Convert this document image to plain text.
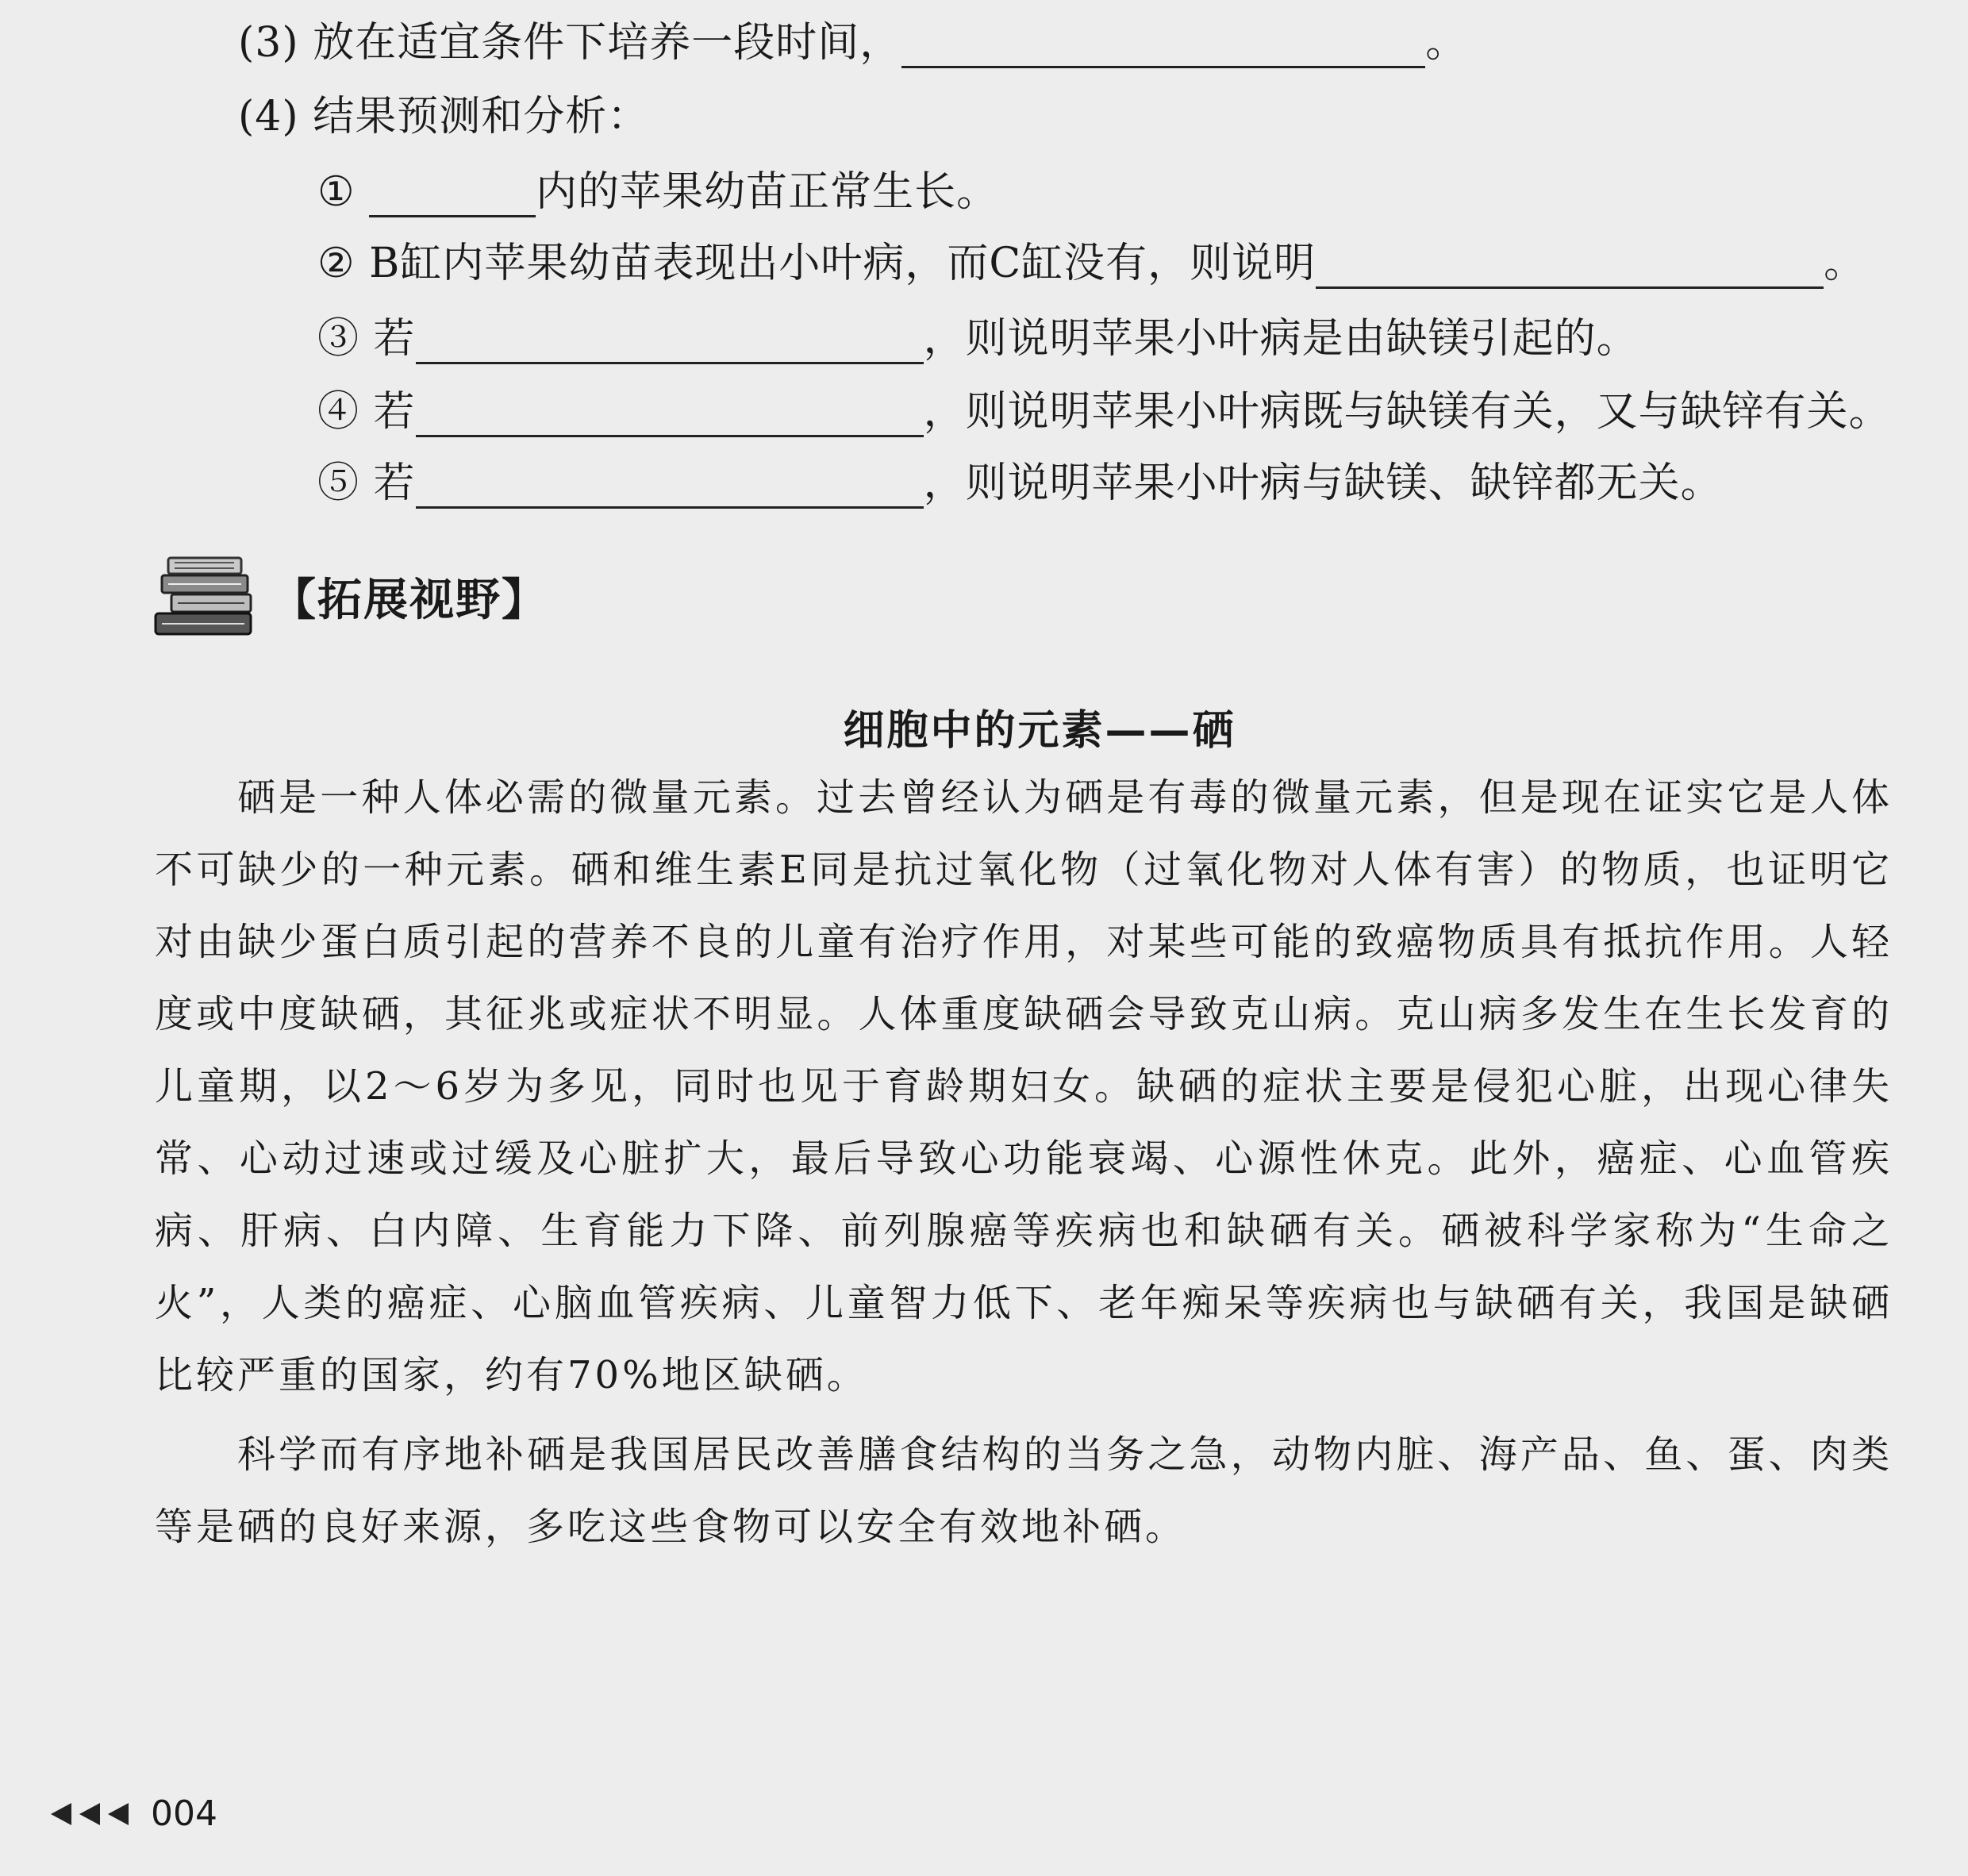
(3) 放在适宜条件下培养一段时间，	。
(4) 结果预测和分析：
①	内的苹果幼苗正常生长。
② B缸内苹果幼苗表现出小叶病，而C缸没有，则说明	。
③ 若	，则说明苹果小叶病是由缺镁引起的。
④ 若	，则说明苹果小叶病既与缺镁有关，又与缺锌有关。
⑤ 若	，则说明苹果小叶病与缺镁、缺锌都无关。
【拓展视野】
细胞中的元素——硒
硒是一种人体必需的微量元素。过去曾经认为硒是有毒的微量元素，但是现在证实它是人体不可缺少的一种元素。硒和维生素E同是抗过氧化物（过氧化物对人体有害）的物质，也证明它对由缺少蛋白质引起的营养不良的儿童有治疗作用，对某些可能的致癌物质具有抵抗作用。人轻度或中度缺硒，其征兆或症状不明显。人体重度缺硒会导致克山病。克山病多发生在生长发育的儿童期，以2～6岁为多见，同时也见于育龄期妇女。缺硒的症状主要是侵犯心脏，出现心律失常、心动过速或过缓及心脏扩大，最后导致心功能衰竭、心源性休克。此外，癌症、心血管疾病、肝病、白内障、生育能力下降、前列腺癌等疾病也和缺硒有关。硒被科学家称为“生命之火”，人类的癌症、心脑血管疾病、儿童智力低下、老年痴呆等疾病也与缺硒有关，我国是缺硒比较严重的国家，约有70%地区缺硒。
科学而有序地补硒是我国居民改善膳食结构的当务之急，动物内脏、海产品、鱼、蛋、肉类等是硒的良好来源，多吃这些食物可以安全有效地补硒。
004
